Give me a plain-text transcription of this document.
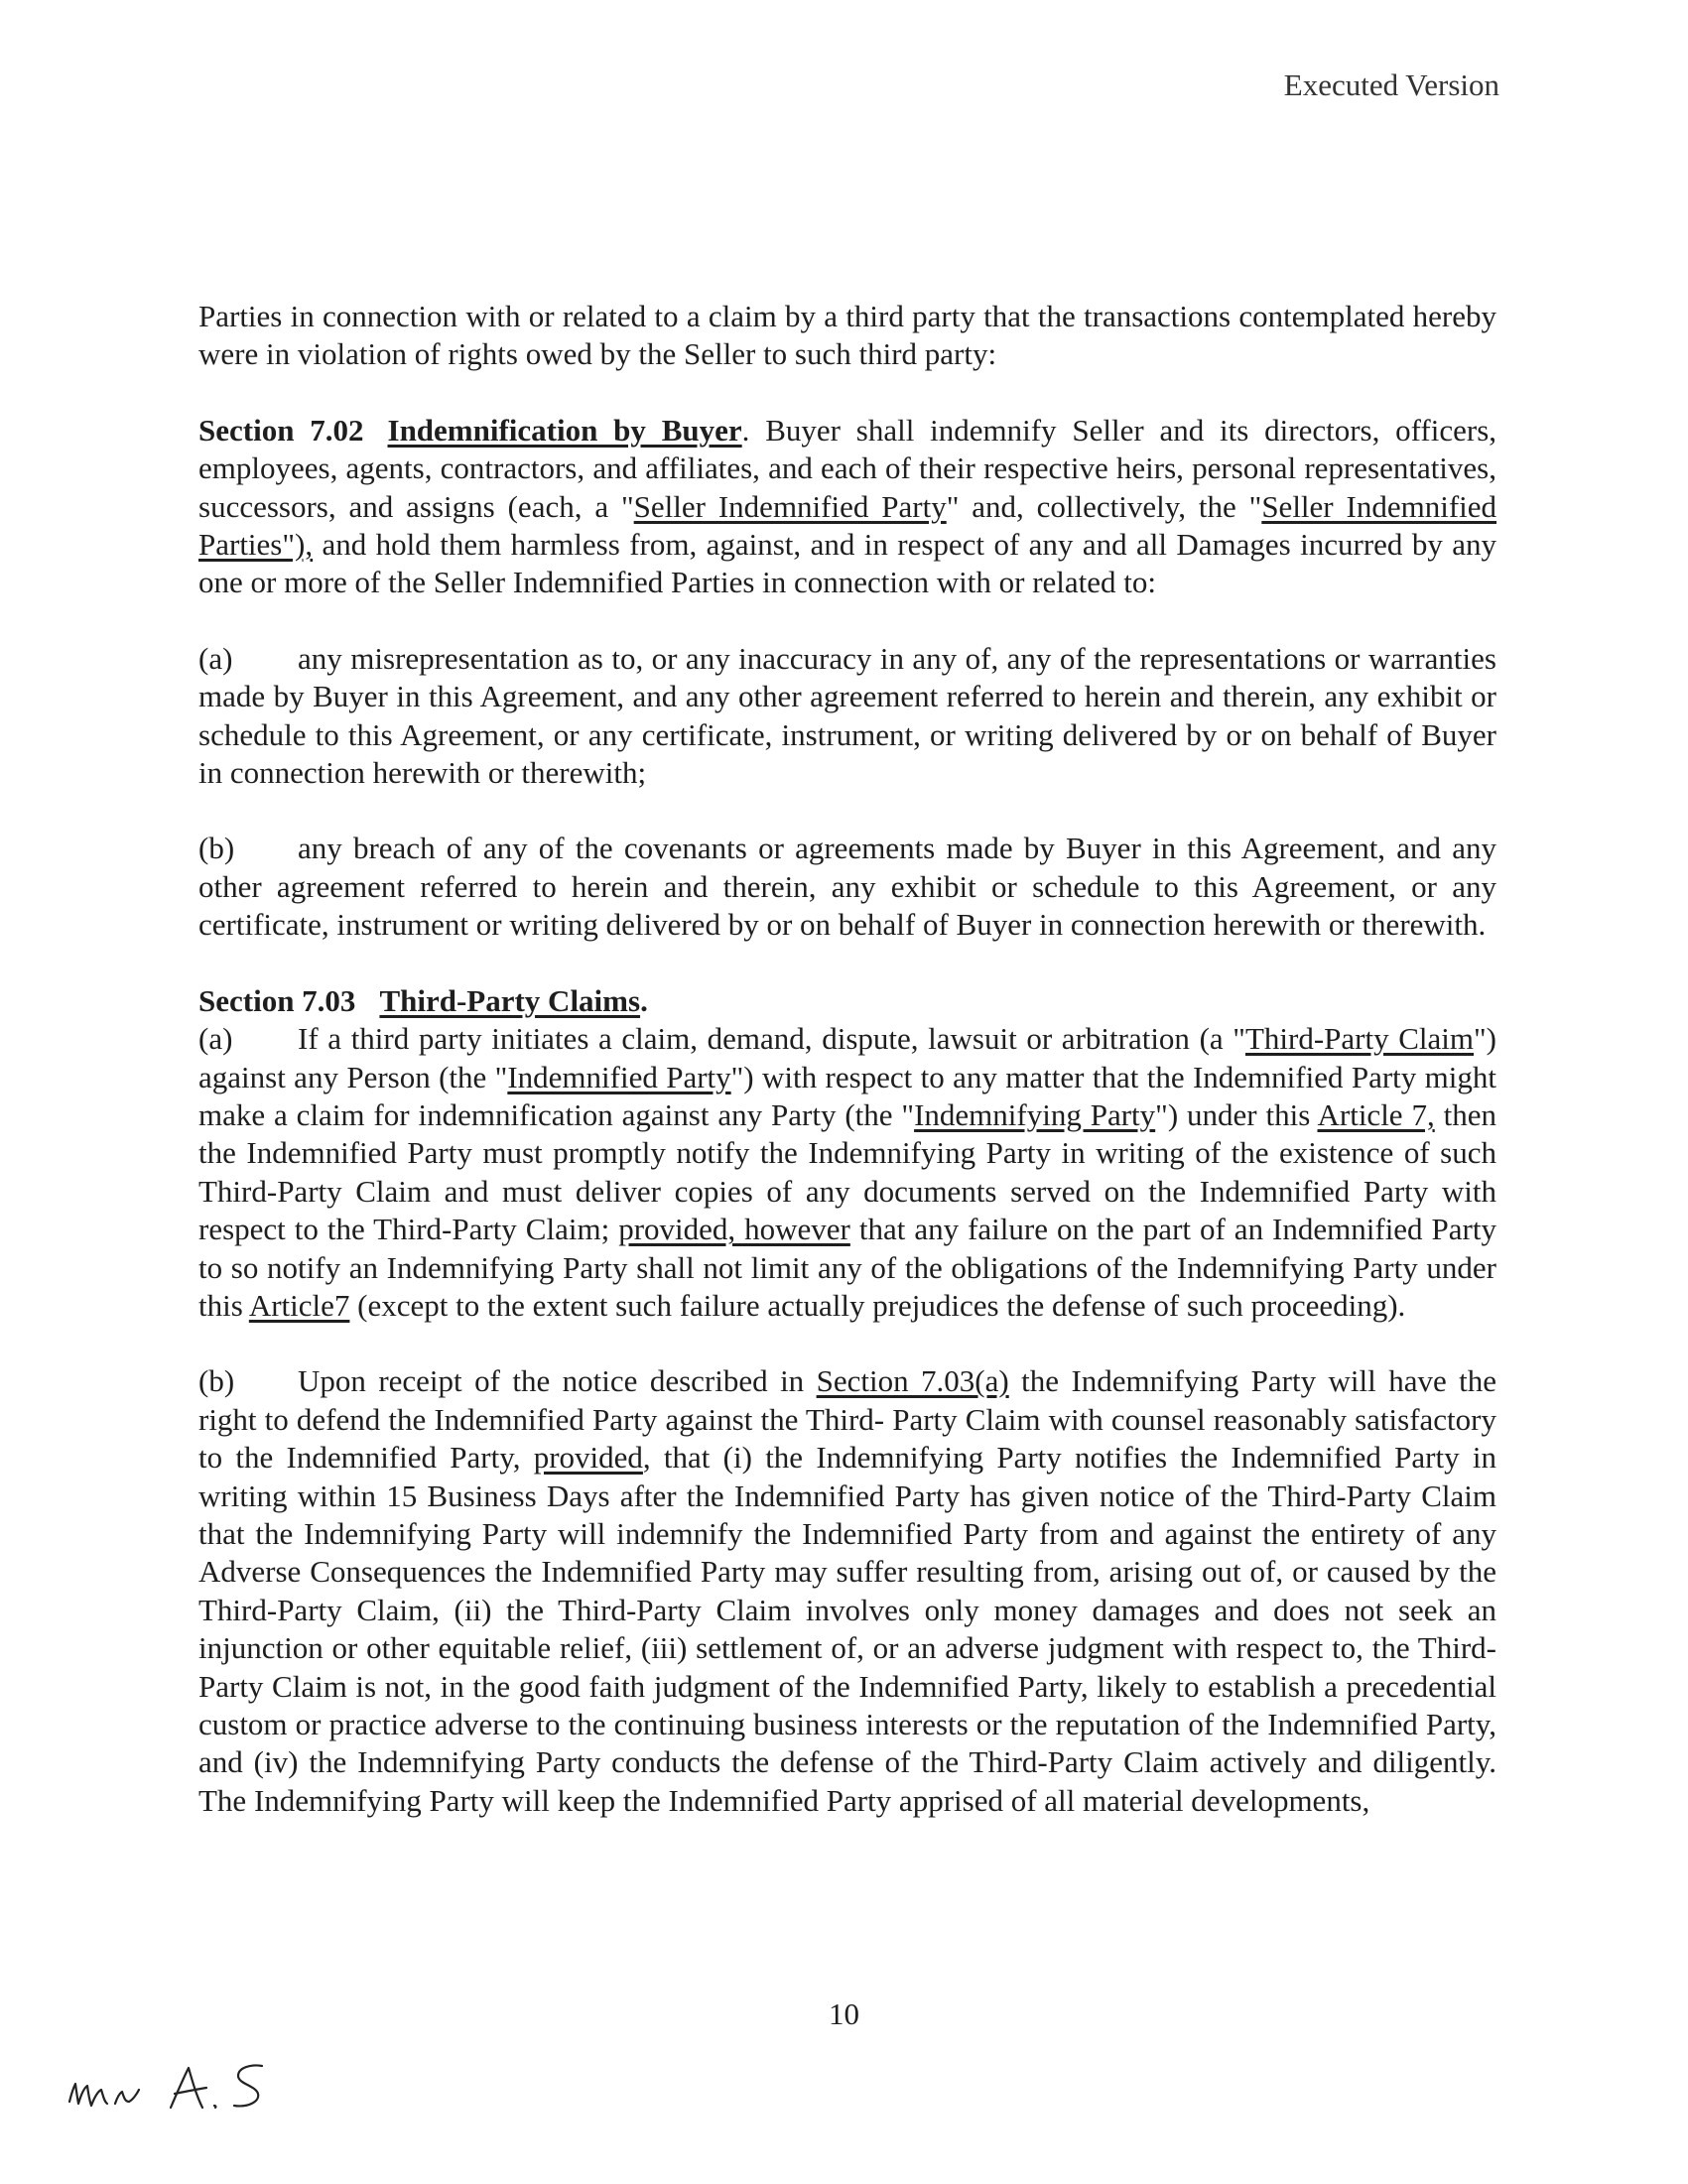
Executed Version

Parties in connection with or related to a claim by a third party that the transactions contemplated hereby were in violation of rights owed by the Seller to such third party:

Section 7.02 Indemnification by Buyer. Buyer shall indemnify Seller and its directors, officers, employees, agents, contractors, and affiliates, and each of their respective heirs, personal representatives, successors, and assigns (each, a "Seller Indemnified Party" and, collectively, the "Seller Indemnified Parties"), and hold them harmless from, against, and in respect of any and all Damages incurred by any one or more of the Seller Indemnified Parties in connection with or related to:

(a) any misrepresentation as to, or any inaccuracy in any of, any of the representations or warranties made by Buyer in this Agreement, and any other agreement referred to herein and therein, any exhibit or schedule to this Agreement, or any certificate, instrument, or writing delivered by or on behalf of Buyer in connection herewith or therewith;

(b) any breach of any of the covenants or agreements made by Buyer in this Agreement, and any other agreement referred to herein and therein, any exhibit or schedule to this Agreement, or any certificate, instrument or writing delivered by or on behalf of Buyer in connection herewith or therewith.

Section 7.03 Third-Party Claims.

(a) If a third party initiates a claim, demand, dispute, lawsuit or arbitration (a "Third-Party Claim") against any Person (the "Indemnified Party") with respect to any matter that the Indemnified Party might make a claim for indemnification against any Party (the "Indemnifying Party") under this Article 7, then the Indemnified Party must promptly notify the Indemnifying Party in writing of the existence of such Third-Party Claim and must deliver copies of any documents served on the Indemnified Party with respect to the Third-Party Claim; provided, however that any failure on the part of an Indemnified Party to so notify an Indemnifying Party shall not limit any of the obligations of the Indemnifying Party under this Article7 (except to the extent such failure actually prejudices the defense of such proceeding).

(b) Upon receipt of the notice described in Section 7.03(a) the Indemnifying Party will have the right to defend the Indemnified Party against the Third- Party Claim with counsel reasonably satisfactory to the Indemnified Party, provided, that (i) the Indemnifying Party notifies the Indemnified Party in writing within 15 Business Days after the Indemnified Party has given notice of the Third-Party Claim that the Indemnifying Party will indemnify the Indemnified Party from and against the entirety of any Adverse Consequences the Indemnified Party may suffer resulting from, arising out of, or caused by the Third-Party Claim, (ii) the Third-Party Claim involves only money damages and does not seek an injunction or other equitable relief, (iii) settlement of, or an adverse judgment with respect to, the Third- Party Claim is not, in the good faith judgment of the Indemnified Party, likely to establish a precedential custom or practice adverse to the continuing business interests or the reputation of the Indemnified Party, and (iv) the Indemnifying Party conducts the defense of the Third-Party Claim actively and diligently. The Indemnifying Party will keep the Indemnified Party apprised of all material developments,

10
